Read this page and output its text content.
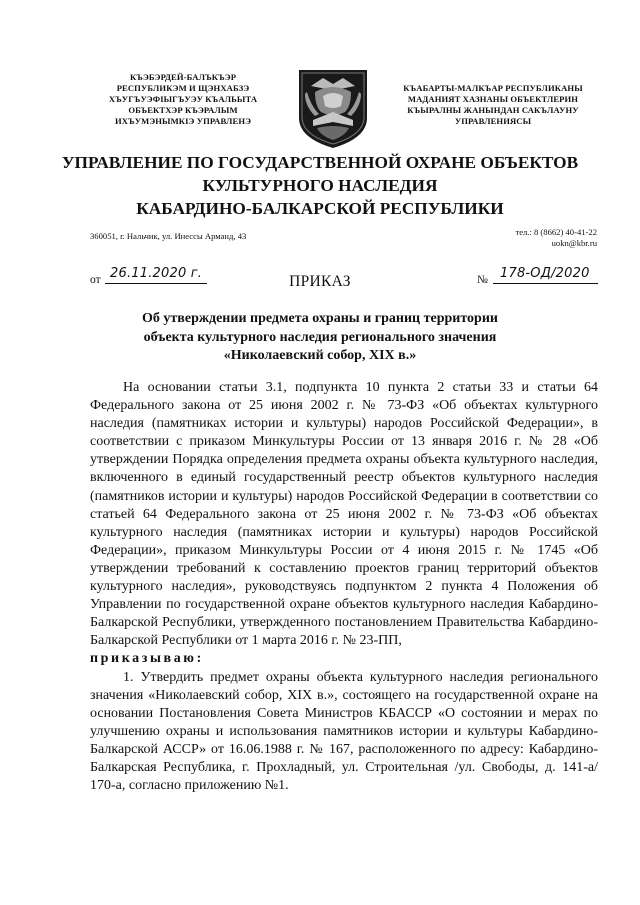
КЪЭБЭРДЕЙ-БАЛЪКЪЭР
РЕСПУБЛИКЭМ И ЩЭНХАБЗЭ
ХЪУГЪУЭФIЫГЪУЭУ КЪАЛЬЫТА
ОБЪЕКТХЭР КЪЭРАЛЫМ
ИХЪУМЭНЫМКIЭ УПРАВЛЕНЭ
КЪАБАРТЫ-МАЛКЪАР РЕСПУБЛИКАНЫ
МАДАНИЯТ ХАЗНАНЫ ОБЪЕКТЛЕРИН
КЪЫРАЛНЫ ЖАНЫНДАН САКЪЛАУНУ
УПРАВЛЕНИЯСЫ
УПРАВЛЕНИЕ ПО ГОСУДАРСТВЕННОЙ ОХРАНЕ ОБЪЕКТОВ
КУЛЬТУРНОГО НАСЛЕДИЯ
КАБАРДИНО-БАЛКАРСКОЙ РЕСПУБЛИКИ
360051, г. Нальчик, ул. Инессы Арманд, 43	тел.: 8 (8662) 40-41-22
uokn@kbr.ru
от 26.11.2020 г.	ПРИКАЗ	№ 178-ОД/2020
Об утверждении предмета охраны и границ территории
объекта культурного наследия регионального значения
«Николаевский собор, XIX в.»

На основании статьи 3.1, подпункта 10 пункта 2 статьи 33 и статьи 64 Федерального закона от 25 июня 2002 г. № 73-ФЗ «Об объектах культурного наследия (памятниках истории и культуры) народов Российской Федерации», в соответствии с приказом Минкультуры России от 13 января 2016 г. № 28 «Об утверждении Порядка определения предмета охраны объекта культурного наследия, включенного в единый государственный реестр объектов культурного наследия (памятников истории и культуры) народов Российской Федерации в соответствии со статьей 64 Федерального закона от 25 июня 2002 г. № 73-ФЗ «Об объектах культурного наследия (памятниках истории и культуры) народов Российской Федерации», приказом Минкультуры России от 4 июня 2015 г. № 1745 «Об утверждении требований к составлению проектов границ территорий объектов культурного наследия», руководствуясь подпунктом 2 пункта 4 Положения об Управлении по государственной охране объектов культурного наследия Кабардино-Балкарской Республики, утвержденного постановлением Правительства Кабардино-Балкарской Республики от 1 марта 2016 г. № 23-ПП,

приказываю:

1. Утвердить предмет охраны объекта культурного наследия регионального значения «Николаевский собор, XIX в.», состоящего на государственной охране на основании Постановления Совета Министров КБАССР «О состоянии и мерах по улучшению охраны и использования памятников истории и культуры Кабардино-Балкарской АССР» от 16.06.1988 г. № 167, расположенного по адресу: Кабардино-Балкарская Республика, г. Прохладный, ул. Строительная /ул. Свободы, д. 141-а/ 170-а, согласно приложению №1.
